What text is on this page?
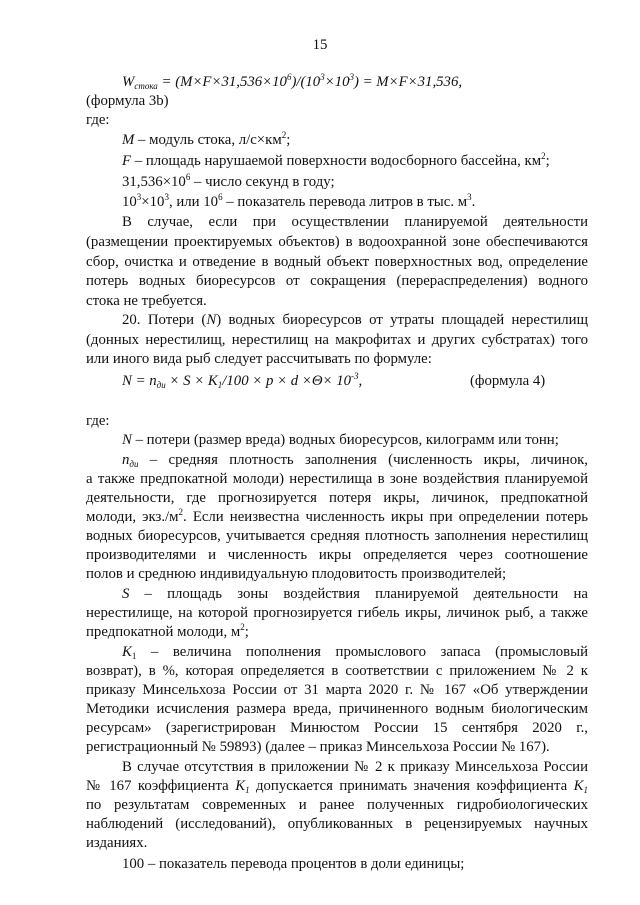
15
$W_{стока} = (M\times F\times 31,536\times 10^6)/(10^3\times 10^3) = M\times F\times 31,536$,
(формула 3b)
где:
M – модуль стока, $л/с\times км^2$;
F – площадь нарушаемой поверхности водосборного бассейна, $км^2$;
$31,536\times 10^6$ – число секунд в году;
$10^3\times 10^3$, или $10^6$ – показатель перевода литров в тыс. $м^3$.
В случае, если при осуществлении планируемой деятельности
(размещении проектируемых объектов) в водоохранной зоне обеспечиваются
сбор, очистка и отведение в водный объект поверхностных вод, определение
потерь водных биоресурсов от сокращения (перераспределения) водного
стока не требуется.
20. Потери (N) водных биоресурсов от утраты площадей нерестилищ
(донных нерестилищ, нерестилищ на макрофитах и других субстратах) того
или иного вида рыб следует рассчитывать по формуле:
$N = n_{ди} \times S \times K_1/100 \times p \times d \times\Theta\times 10^{-3}$,	(формула 4)
где:
N – потери (размер вреда) водных биоресурсов, килограмм или тонн;
$n_{ди}$ – средняя плотность заполнения (численность икры, личинок,
а также предпокатной молоди) нерестилища в зоне воздействия планируемой
деятельности, где прогнозируется потеря икры, личинок, предпокатной
молоди, $экз./м^2$. Если неизвестна численность икры при определении потерь
водных биоресурсов, учитывается средняя плотность заполнения нерестилищ
производителями и численность икры определяется через соотношение
полов и среднюю индивидуальную плодовитость производителей;
S – площадь зоны воздействия планируемой деятельности на
нерестилище, на которой прогнозируется гибель икры, личинок рыб, а также
предпокатной молоди, $м^2$;
$K_1$ – величина пополнения промыслового запаса (промысловый
возврат), в %, которая определяется в соответствии с приложением № 2 к
приказу Минсельхоза России от 31 марта 2020 г. № 167 «Об утверждении
Методики исчисления размера вреда, причиненного водным биологическим
ресурсам» (зарегистрирован Минюстом России 15 сентября 2020 г.,
регистрационный № 59893) (далее – приказ Минсельхоза России № 167).
В случае отсутствия в приложении № 2 к приказу Минсельхоза России
№ 167 коэффициента $K_1$ допускается принимать значения коэффициента $K_1$
по результатам современных и ранее полученных гидробиологических
наблюдений (исследований), опубликованных в рецензируемых научных
изданиях.
100 – показатель перевода процентов в доли единицы;
